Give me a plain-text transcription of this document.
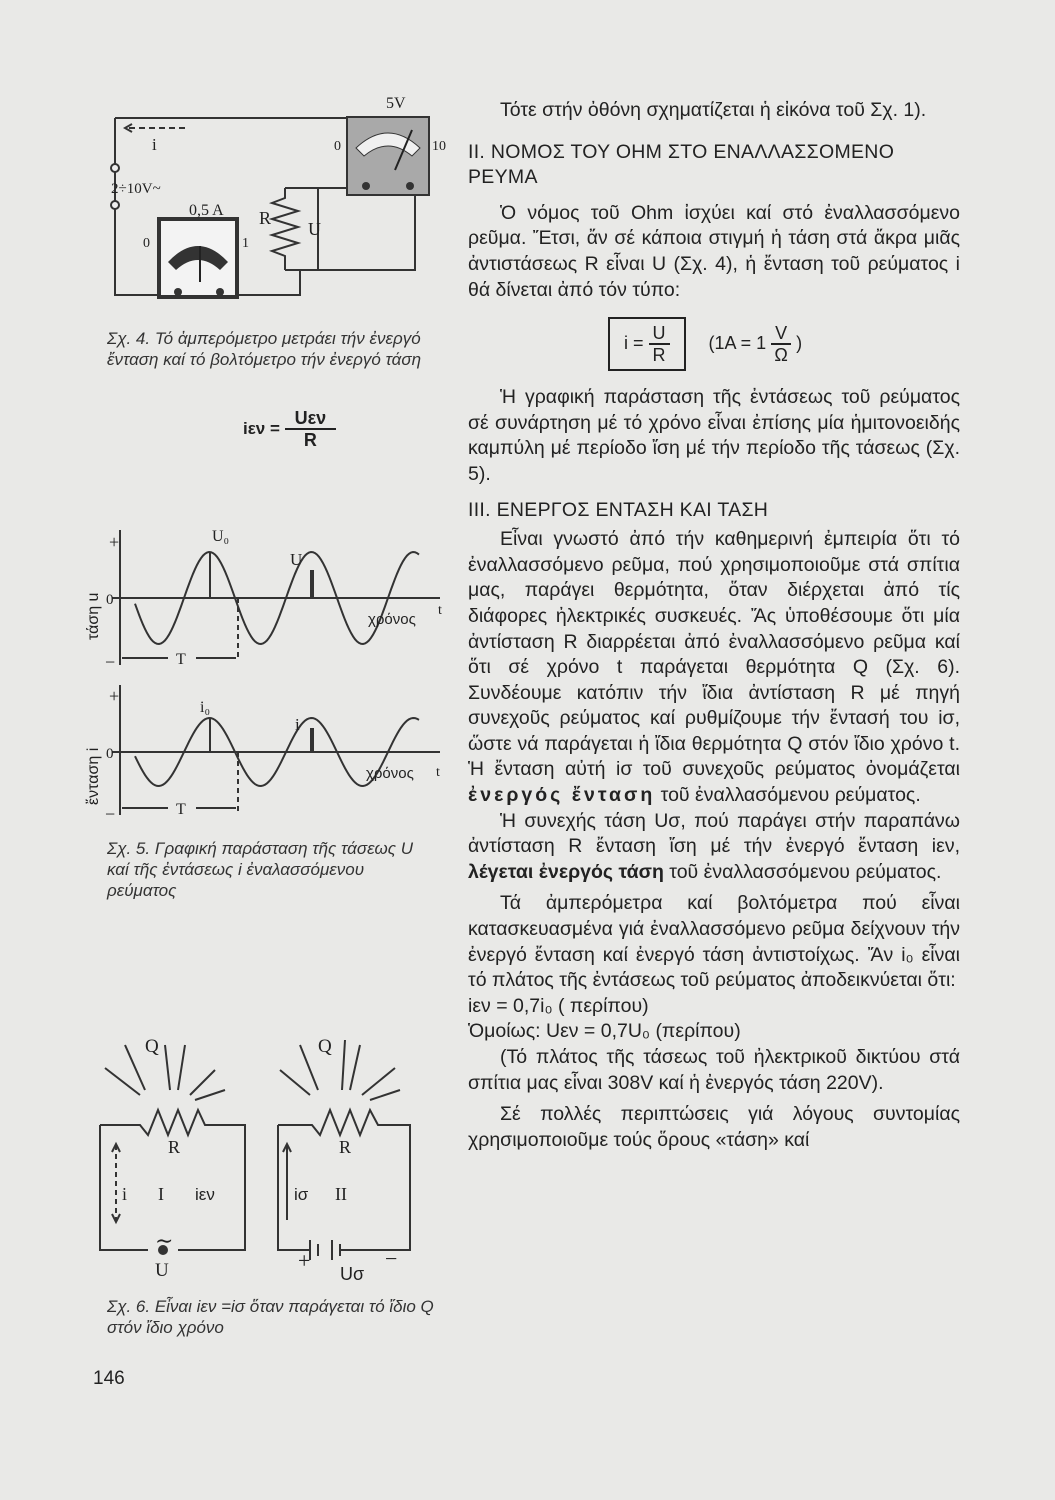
i
2÷10V~
0,5 A
0	1
5V
0	10
R
U
+
−
0
τάση u
U₀
U
χρόνος
t
T
+
−
0
ἔνταση i
i₀
i
χρόνος t
T
Q	Q
R	R
i I iεν	iσ II
∼
U	+	−
Uσ
Σχ. 4. Τό ἀμπερόμετρο μετράει τήν ἐνεργό ἔνταση καί τό βολτόμετρο τήν ἐνεργό τάση
$i\varepsilon\nu = \frac{\text{Uεν}}{R}$
Σχ. 5. Γραφική παράσταση τῆς τάσεως U καί τῆς ἐντάσεως i ἐναλασσόμενου ρεύματος
Σχ. 6. Εἶναι iεν =iσ ὅταν παράγεται τό ἴδιο Q στόν ἴδιο χρόνο
146

Τότε στήν ὀθόνη σχηματίζεται ἡ εἰκόνα τοῦ Σχ. 1).

II. ΝΟΜΟΣ ΤΟΥ ΟΗΜ ΣΤΟ ΕΝΑΛΛΑΣΣΟΜΕΝΟ

ΡΕΥΜΑ

Ὁ νόμος τοῦ Ohm ἰσχύει καί στό ἐναλλασσόμενο ρεῦμα. Ἔτσι, ἄν σέ κάποια στιγμή ἡ τάση στά ἄκρα μιᾶς ἀντιστάσεως R εἶναι U (Σχ. 4), ἡ ἔνταση τοῦ ρεύματος i θά δίνεται ἀπό τόν τύπο:

$i = \frac{U}{R} (1A = 1 \frac{V}{\Omega}$ )

Ἡ γραφική παράσταση τῆς ἐντάσεως τοῦ ρεύματος σέ συνάρτηση μέ τό χρόνο εἶναι ἐπίσης μία ἡμιτονοειδής καμπύλη μέ περίοδο ἴση μέ τήν περίοδο τῆς τάσεως (Σχ. 5).

III. ΕΝΕΡΓΟΣ ΕΝΤΑΣΗ ΚΑΙ ΤΑΣΗ

Εἶναι γνωστό ἀπό τήν καθημερινή ἐμπειρία ὅτι τό ἐναλλασσόμενο ρεῦμα, πού χρησιμοποιοῦμε στά σπίτια μας, παράγει θερμότητα, ὅταν διέρχεται ἀπό τίς διάφορες ἠλεκτρικές συσκευές. Ἄς ὑποθέσουμε ὅτι μία ἀντίσταση R διαρρέεται ἀπό ἐναλλασσόμενο ρεῦμα καί ὅτι σέ χρόνο t παράγεται θερμότητα Q (Σχ. 6). Συνδέουμε κατόπιν τήν ἴδια ἀντίσταση R μέ πηγή συνεχοῦς ρεύματος καί ρυθμίζουμε τήν ἔντασή του iσ, ὥστε νά παράγεται ἡ ἴδια θερμότητα Q στόν ἴδιο χρόνο t. Ἡ ἔνταση αὐτή iσ τοῦ συνεχοῦς ρεύματος ὀνομάζεται ἐνεργός ἔνταση τοῦ ἐναλλασόμενου ρεύματος.

Ἡ συνεχής τάση Uσ, πού παράγει στήν παραπάνω ἀντίσταση R ἔνταση ἴση μέ τήν ἐνεργό ἔνταση iεν, λέγεται ἐνεργός τάση τοῦ ἐναλλασσόμενου ρεύματος.

Τά ἀμπερόμετρα καί βολτόμετρα πού εἶναι κατασκευασμένα γιά ἐναλλασσόμενο ρεῦμα δείχνουν τήν ἐνεργό ἔνταση καί ἐνεργό τάση ἀντιστοίχως. Ἄν i₀ εἶναι τό πλάτος τῆς ἐντάσεως τοῦ ρεύματος ἀποδεικνύεται ὅτι:

iεν = 0,7i₀ ( περίπου)

Ὁμοίως: Uεν = 0,7U₀ (περίπου)

(Τό πλάτος τῆς τάσεως τοῦ ἠλεκτρικοῦ δικτύου στά σπίτια μας εἶναι 308V καί ἡ ἐνεργός τάση 220V).

Σέ πολλές περιπτώσεις γιά λόγους συντομίας χρησιμοποιοῦμε τούς ὅρους «τάση» καί
